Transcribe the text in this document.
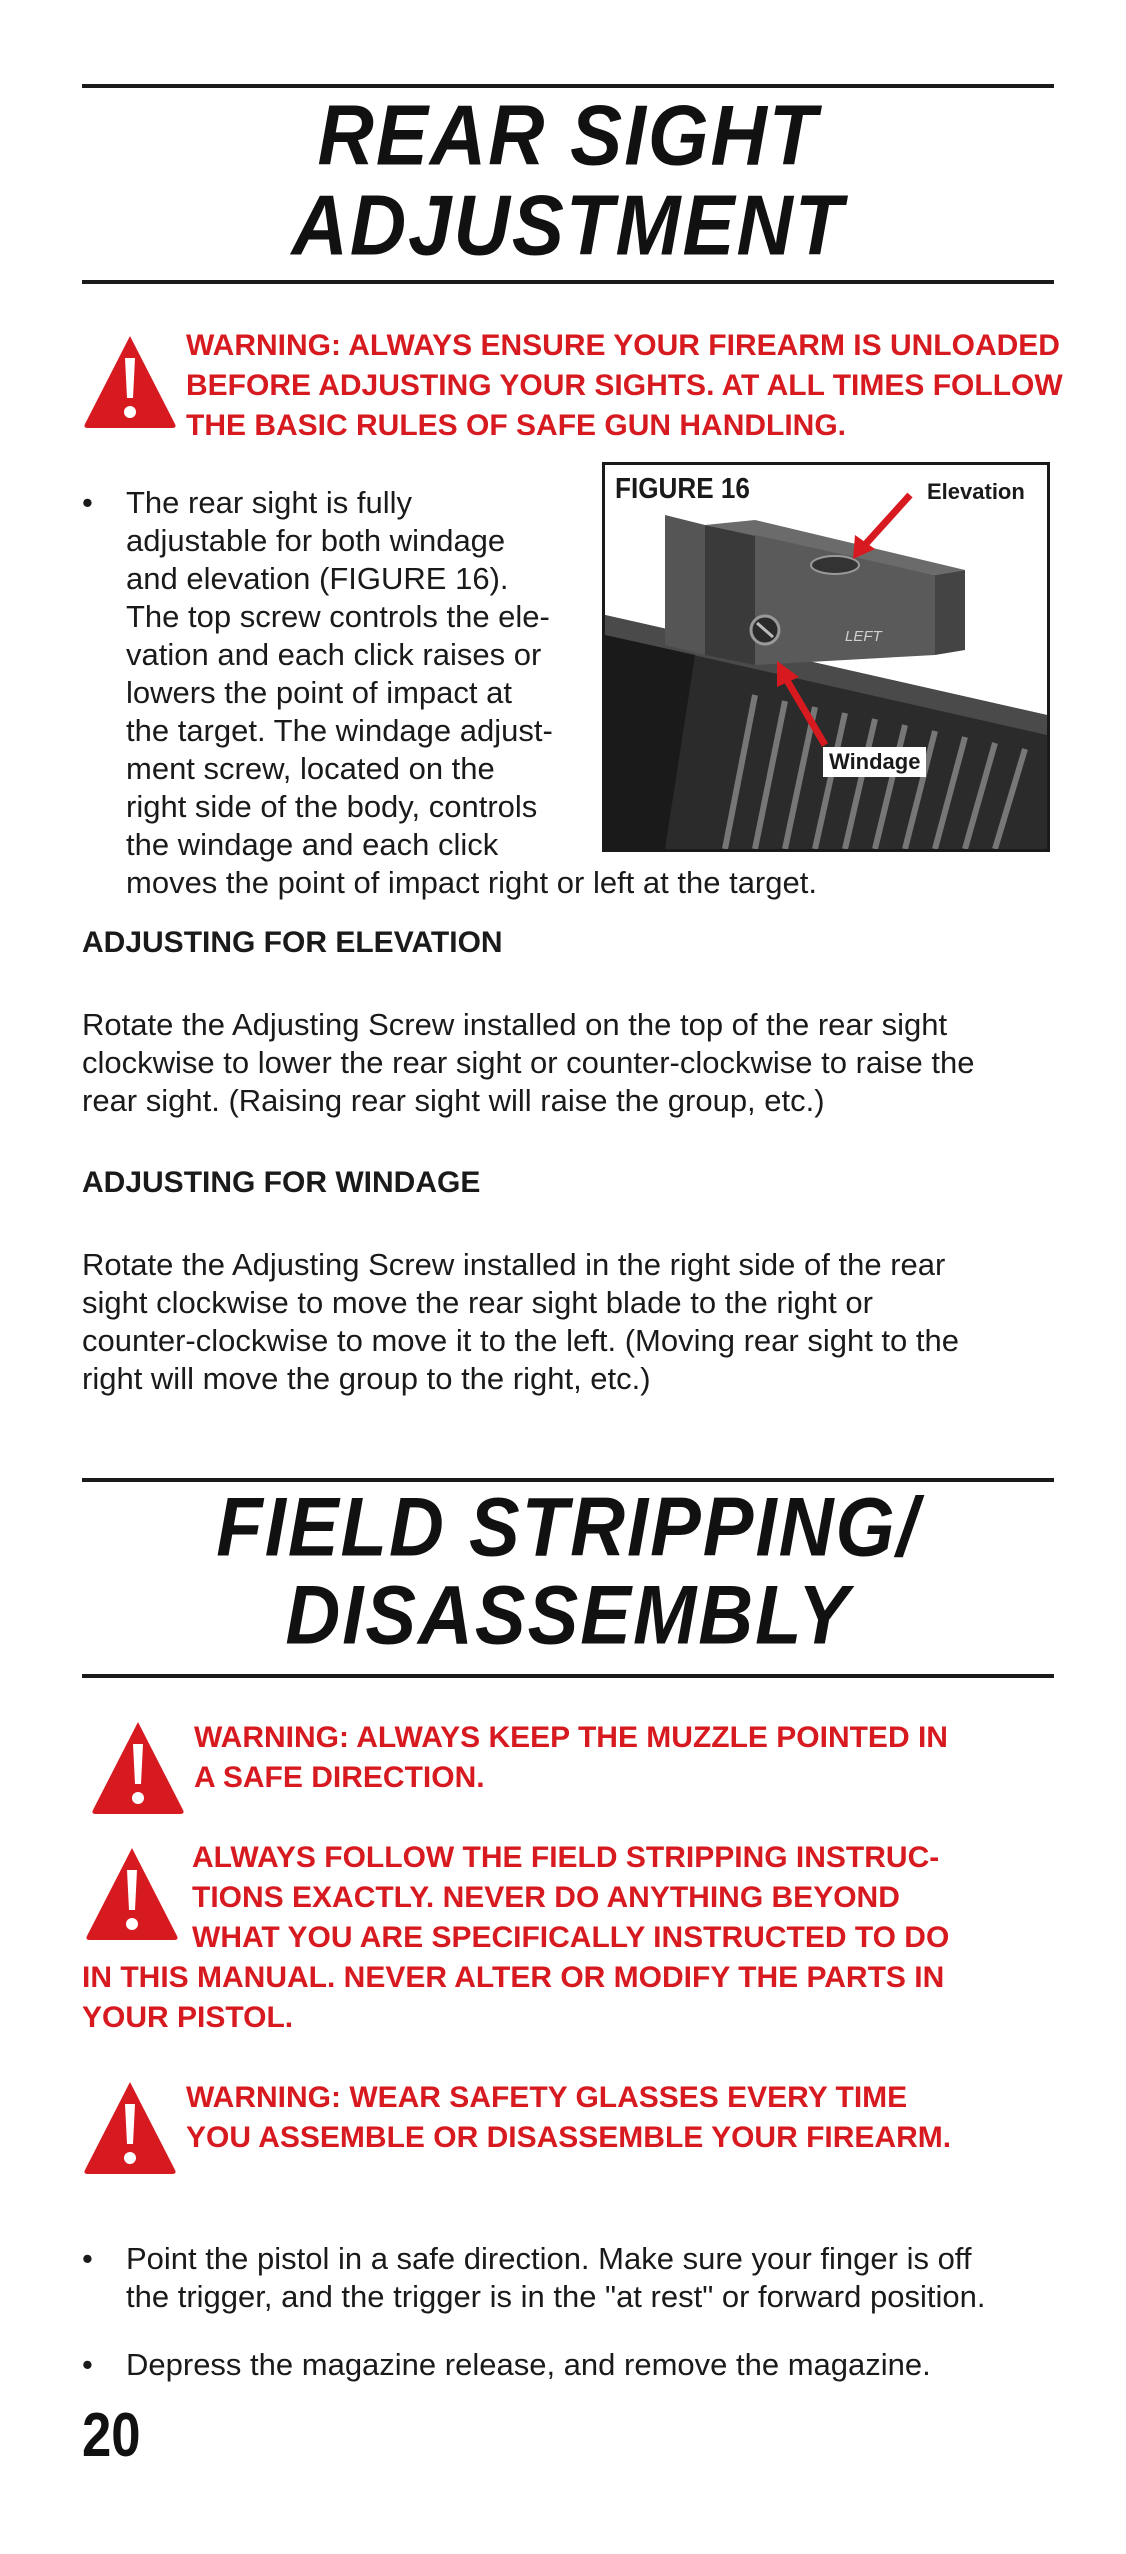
REAR SIGHT
ADJUSTMENT
WARNING: ALWAYS ENSURE YOUR FIREARM IS UNLOADED
BEFORE ADJUSTING YOUR SIGHTS. AT ALL TIMES FOLLOW
THE BASIC RULES OF SAFE GUN HANDLING.
• The rear sight is fully
adjustable for both windage
and elevation (FIGURE 16).
The top screw controls the ele-
vation and each click raises or
lowers the point of impact at
the target. The windage adjust-
ment screw, located on the
right side of the body, controls
the windage and each click
moves the point of impact right or left at the target.
LEFT
FIGURE 16	Elevation
Windage
ADJUSTING FOR ELEVATION
Rotate the Adjusting Screw installed on the top of the rear sight
clockwise to lower the rear sight or counter-clockwise to raise the
rear sight. (Raising rear sight will raise the group, etc.)
ADJUSTING FOR WINDAGE
Rotate the Adjusting Screw installed in the right side of the rear
sight clockwise to move the rear sight blade to the right or
counter-clockwise to move it to the left. (Moving rear sight to the
right will move the group to the right, etc.)
FIELD STRIPPING/
DISASSEMBLY
WARNING: ALWAYS KEEP THE MUZZLE POINTED IN
A SAFE DIRECTION.
ALWAYS FOLLOW THE FIELD STRIPPING INSTRUC-
TIONS EXACTLY. NEVER DO ANYTHING BEYOND
WHAT YOU ARE SPECIFICALLY INSTRUCTED TO DO
IN THIS MANUAL. NEVER ALTER OR MODIFY THE PARTS IN
YOUR PISTOL.
WARNING: WEAR SAFETY GLASSES EVERY TIME
YOU ASSEMBLE OR DISASSEMBLE YOUR FIREARM.
• Point the pistol in a safe direction. Make sure your finger is off
the trigger, and the trigger is in the "at rest" or forward position.
• Depress the magazine release, and remove the magazine.
20
